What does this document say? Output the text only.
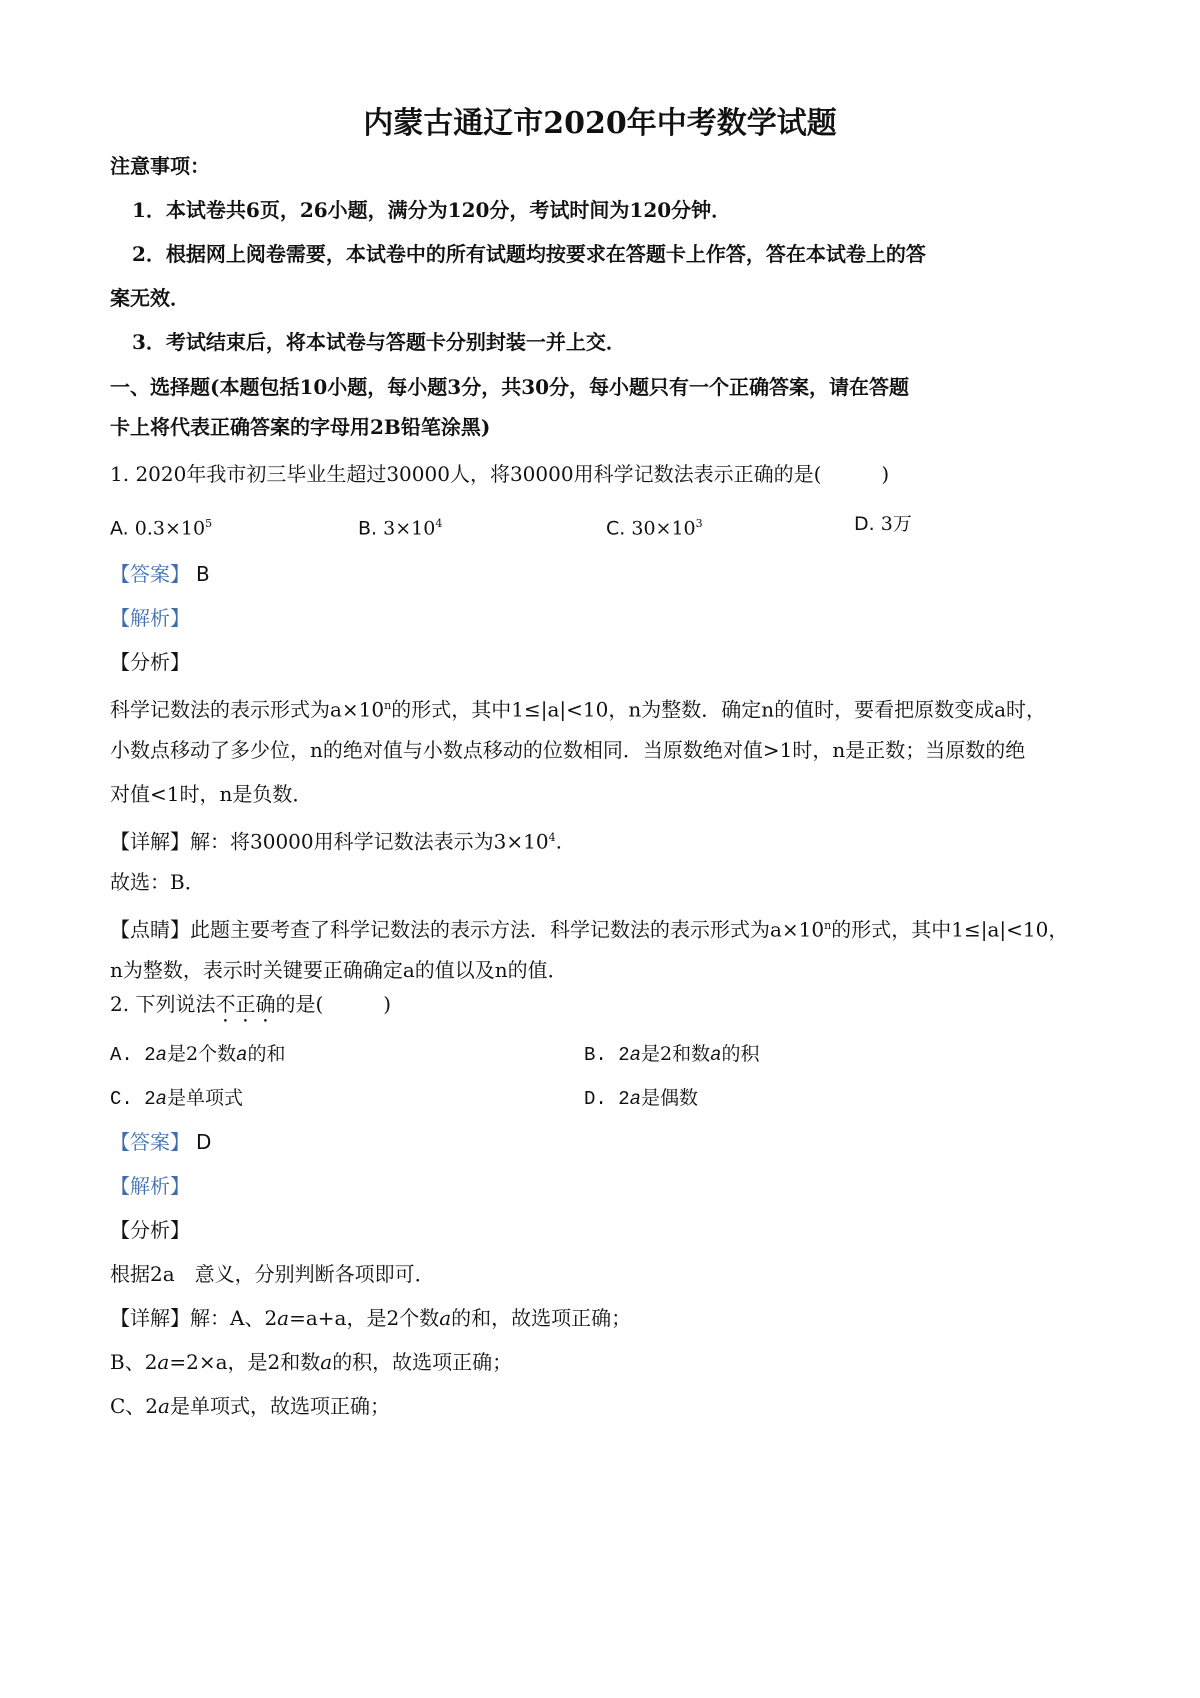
内蒙古通辽市2020年中考数学试题
注意事项：
1．本试卷共6页，26小题，满分为120分，考试时间为120分钟．
2．根据网上阅卷需要，本试卷中的所有试题均按要求在答题卡上作答，答在本试卷上的答
案无效．
3．考试结束后，将本试卷与答题卡分别封装一并上交．
一、选择题(本题包括10小题，每小题3分，共30分，每小题只有一个正确答案，请在答题
卡上将代表正确答案的字母用2B铅笔涂黑)
1. 2020年我市初三毕业生超过30000人，将30000用科学记数法表示正确的是(　　　)
A. $0.3\times 10^5$	B. $3\times 10^4$	C. $30\times 10^3$	D. 3万
【答案】 B
【解析】
【分析】
科学记数法的表示形式为$a\times 10^n$的形式，其中1≤|a|<10，n为整数．确定n的值时，要看把原数变成a时，
小数点移动了多少位，n的绝对值与小数点移动的位数相同．当原数绝对值>1时，n是正数；当原数的绝
对值<1时，n是负数．
【详解】解：将30000用科学记数法表示为$3\times 10^4$.
故选：B．
【点睛】此题主要考查了科学记数法的表示方法．科学记数法的表示形式为$a\times 10^n$的形式，其中1≤|a|<10，
n为整数，表示时关键要正确确定a的值以及n的值．
2. 下列说法不正确的是(　　　)
A. 2a是2个数a的和	B. 2a是2和数a的积
C. 2a是单项式	D. 2a是偶数
【答案】 D
【解析】
【分析】
根据2a　意义，分别判断各项即可．
【详解】解：A、2a=a+a，是2个数a的和，故选项正确；
B、2a=2×a，是2和数a的积，故选项正确；
C、2a是单项式，故选项正确；
